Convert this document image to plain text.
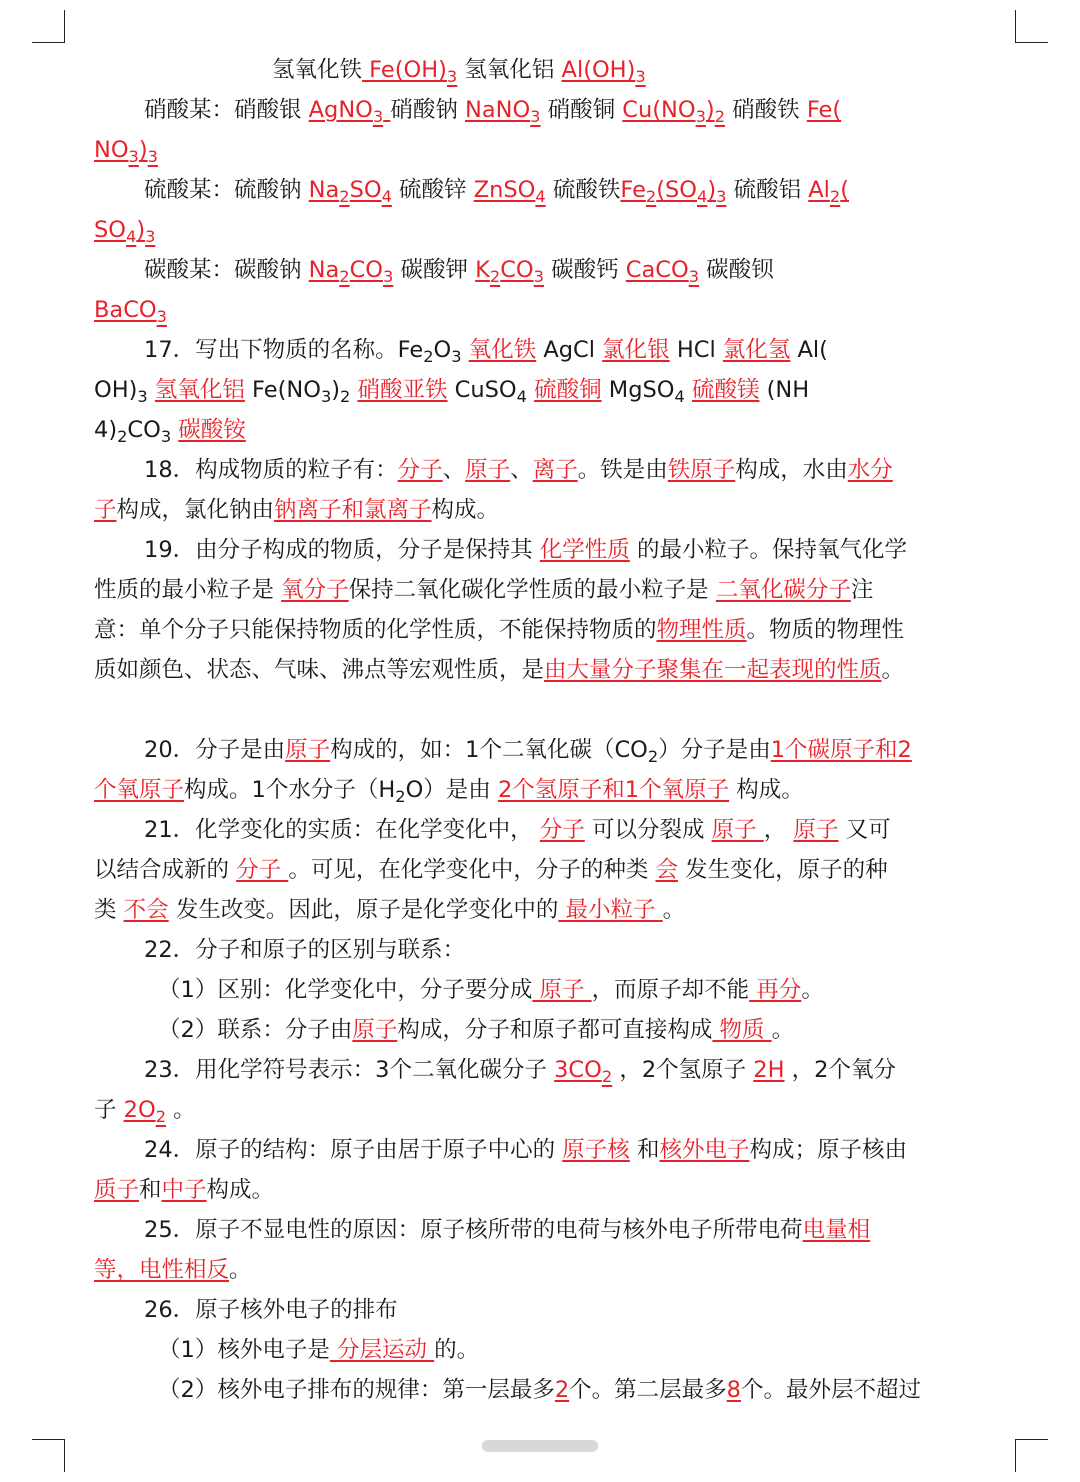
氢氧化铁 $Fe(OH)_3$ 氢氧化铝 $Al(OH)_3$
硝酸某：硝酸银 AgNO$_3$ 硝酸钠 NaNO$_3$ 硝酸铜 $Cu(NO_3)_2$ 硝酸铁 Fe(
$NO_3)_3$
硫酸某：硫酸钠 $Na_2SO_4$ 硫酸锌 ZnSO$_4$ 硫酸铁$Fe_2(SO_4)_3$ 硫酸铝 $Al_2$(
$SO_4)_3$
碳酸某：碳酸钠 $Na_2CO_3$ 碳酸钾 $K_2CO_3$ 碳酸钙 CaCO$_3$ 碳酸钡
BaCO$_3$
17．写出下物质的名称。$Fe_2O_3$ 氧化铁 AgCl 氯化银 HCl 氯化氢 Al(
$OH)_3$ 氢氧化铝 $Fe(NO_3)_2$ 硝酸亚铁 CuSO$_4$ 硫酸铜 MgSO$_4$ 硫酸镁 (NH
$4)_2CO_3$ 碳酸铵
18．构成物质的粒子有：分子、原子、离子。铁是由铁原子构成，水由水分
子构成，氯化钠由钠离子和氯离子构成。
19．由分子构成的物质，分子是保持其 化学性质 的最小粒子。保持氧气化学
性质的最小粒子是 氧分子保持二氧化碳化学性质的最小粒子是 二氧化碳分子注
意：单个分子只能保持物质的化学性质，不能保持物质的物理性质。物质的物理性
质如颜色、状态、气味、沸点等宏观性质，是由大量分子聚集在一起表现的性质。
20．分子是由原子构成的，如：1个二氧化碳$(CO_2)$分子是由1个碳原子和2
个氧原子构成。1个水分子$(H_2O)$是由 2个氢原子和1个氧原子 构成。
21．化学变化的实质：在化学变化中， 分子 可以分裂成 原子 ， 原子 又可
以结合成新的 分子 。可见，在化学变化中，分子的种类 会 发生变化，原子的种
类 不会 发生改变。因此，原子是化学变化中的 最小粒子 。
22．分子和原子的区别与联系：
（1）区别：化学变化中，分子要分成 原子 ，而原子却不能 再分。
（2）联系：分子由原子构成，分子和原子都可直接构成 物质 。
23．用化学符号表示：3个二氧化碳分子 $3CO_2$ ，2个氢原子 2H ，2个氧分
子 $2O_2$ 。
24．原子的结构：原子由居于原子中心的 原子核 和核外电子构成；原子核由
质子和中子构成。
25．原子不显电性的原因：原子核所带的电荷与核外电子所带电荷电量相
等，电性相反。
26．原子核外电子的排布
（1）核外电子是 分层运动 的。
（2）核外电子排布的规律：第一层最多2个。第二层最多8个。最外层不超过
